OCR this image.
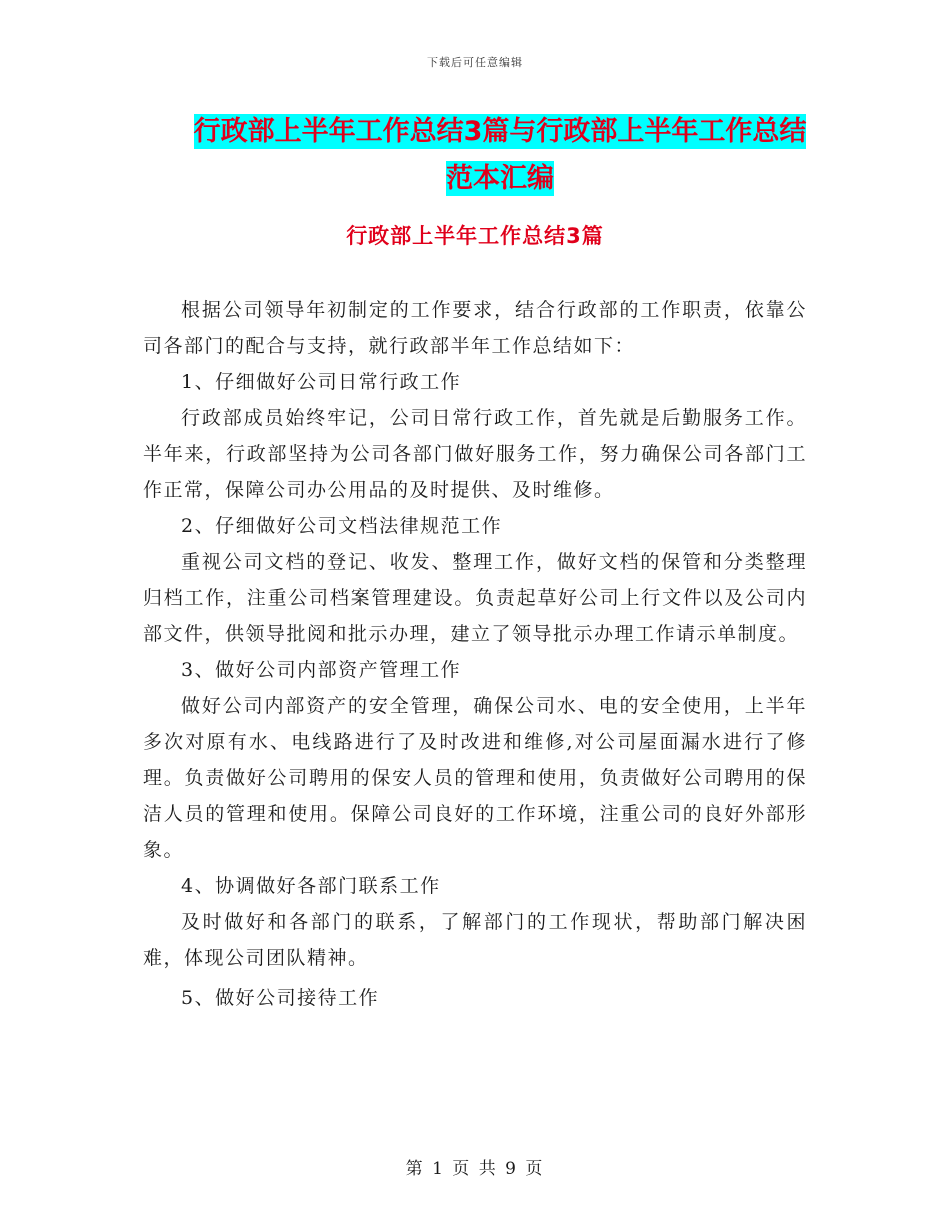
下载后可任意编辑
行政部上半年工作总结3篇与行政部上半年工作总结
范本汇编
行政部上半年工作总结3篇

根据公司领导年初制定的工作要求，结合行政部的工作职责，依靠公司各部门的配合与支持，就行政部半年工作总结如下：

1、仔细做好公司日常行政工作

行政部成员始终牢记，公司日常行政工作，首先就是后勤服务工作。半年来，行政部坚持为公司各部门做好服务工作，努力确保公司各部门工作正常，保障公司办公用品的及时提供、及时维修。

2、仔细做好公司文档法律规范工作

重视公司文档的登记、收发、整理工作，做好文档的保管和分类整理归档工作，注重公司档案管理建设。负责起草好公司上行文件以及公司内部文件，供领导批阅和批示办理，建立了领导批示办理工作请示单制度。

3、做好公司内部资产管理工作

做好公司内部资产的安全管理，确保公司水、电的安全使用，上半年多次对原有水、电线路进行了及时改进和维修,对公司屋面漏水进行了修理。负责做好公司聘用的保安人员的管理和使用，负责做好公司聘用的保洁人员的管理和使用。保障公司良好的工作环境，注重公司的良好外部形象。

4、协调做好各部门联系工作

及时做好和各部门的联系，了解部门的工作现状，帮助部门解决困难，体现公司团队精神。

5、做好公司接待工作

第 1 页 共 9 页
